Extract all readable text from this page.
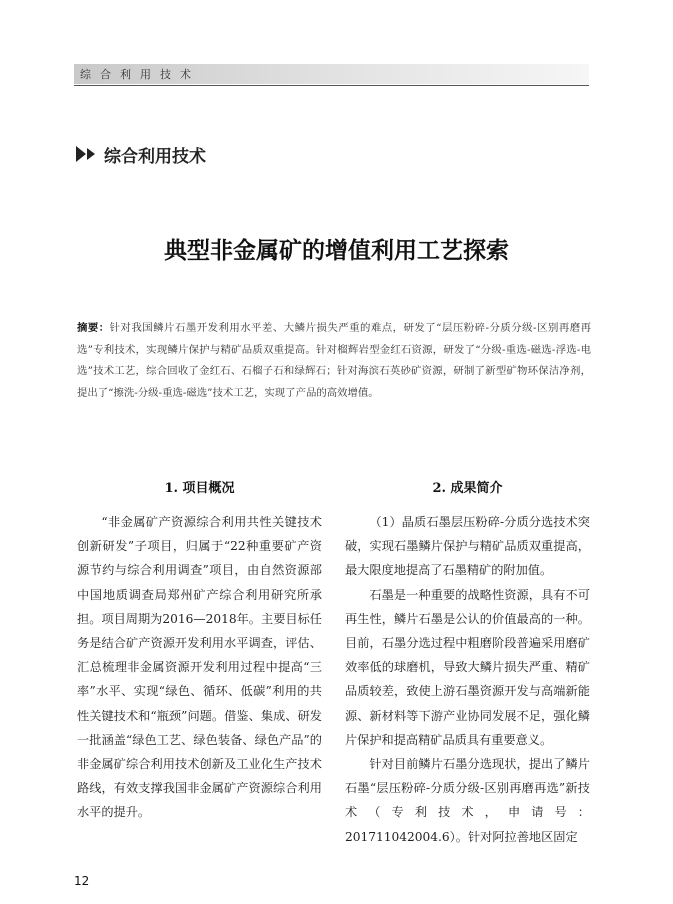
综合利用技术
综合利用技术
典型非金属矿的增值利用工艺探索
摘要：针对我国鳞片石墨开发利用水平差、大鳞片损失严重的难点，研发了“层压粉碎-分质分级-区别再磨再选”专利技术，实现鳞片保护与精矿品质双重提高。针对榴辉岩型金红石资源，研发了“分级-重选-磁选-浮选-电选”技术工艺，综合回收了金红石、石榴子石和绿辉石；针对海滨石英砂矿资源，研制了新型矿物环保洁净剂，提出了“擦洗-分级-重选-磁选”技术工艺，实现了产品的高效增值。
1. 项目概况

“非金属矿产资源综合利用共性关键技术创新研发”子项目，归属于“22种重要矿产资源节约与综合利用调查”项目，由自然资源部中国地质调查局郑州矿产综合利用研究所承担。项目周期为2016—2018年。主要目标任务是结合矿产资源开发利用水平调查，评估、汇总梳理非金属资源开发利用过程中提高“三率”水平、实现“绿色、循环、低碳”利用的共性关键技术和“瓶颈”问题。借鉴、集成、研发一批涵盖“绿色工艺、绿色装备、绿色产品”的非金属矿综合利用技术创新及工业化生产技术路线，有效支撑我国非金属矿产资源综合利用水平的提升。

2. 成果简介

（1）晶质石墨层压粉碎-分质分选技术突破，实现石墨鳞片保护与精矿品质双重提高，最大限度地提高了石墨精矿的附加值。

石墨是一种重要的战略性资源，具有不可再生性，鳞片石墨是公认的价值最高的一种。目前，石墨分选过程中粗磨阶段普遍采用磨矿效率低的球磨机，导致大鳞片损失严重、精矿品质较差，致使上游石墨资源开发与高端新能源、新材料等下游产业协同发展不足，强化鳞片保护和提高精矿品质具有重要意义。

针对目前鳞片石墨分选现状，提出了鳞片石墨“层压粉碎-分质分级-区别再磨再选”新技术（专利技术，申请号：201711042004.6）。针对阿拉善地区固定

12
